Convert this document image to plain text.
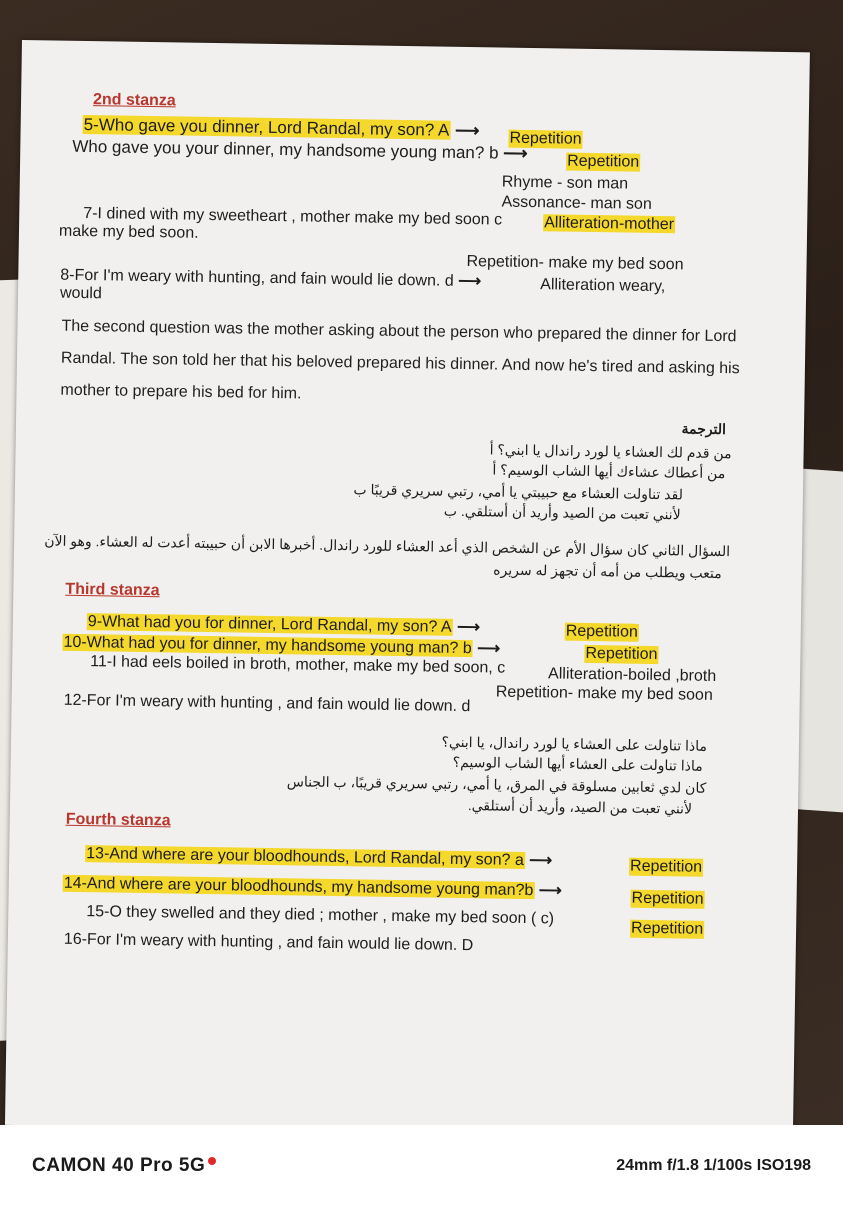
2nd stanza
5-Who gave you dinner, Lord Randal, my son? A ⟶ Repetition
Who gave you your dinner, my handsome young man? b ⟶ Repetition
Rhyme - son man
Assonance- man son
7-I dined with my sweetheart , mother make my bed soon c	Alliteration-mother
make my bed soon.
Repetition- make my bed soon
8-For I'm weary with hunting, and fain would lie down. d ⟶	Alliteration weary,
would
The second question was the mother asking about the person who prepared the dinner for Lord Randal. The son told her that his beloved prepared his dinner. And now he's tired and asking his mother to prepare his bed for him.
الترجمة
من قدم لك العشاء يا لورد راندال يا ابني؟ أ
من أعطاك عشاءك أيها الشاب الوسيم؟ أ
لقد تناولت العشاء مع حبيبتي يا أمي، رتبي سريري قريبًا ب
لأنني تعبت من الصيد وأريد أن أستلقي. ب
السؤال الثاني كان سؤال الأم عن الشخص الذي أعد العشاء للورد راندال. أخبرها الابن أن حبيبته أعدت له العشاء. وهو الآن
متعب ويطلب من أمه أن تجهز له سريره
Third stanza
9-What had you for dinner, Lord Randal, my son? A ⟶	Repetition
10-What had you for dinner, my handsome young man? b ⟶	Repetition
11-I had eels boiled in broth, mother, make my bed soon, c	Alliteration-boiled ,broth
Repetition- make my bed soon
12-For I'm weary with hunting , and fain would lie down. d
ماذا تناولت على العشاء يا لورد راندال، يا ابني؟
ماذا تناولت على العشاء أيها الشاب الوسيم؟
كان لدي ثعابين مسلوقة في المرق، يا أمي، رتبي سريري قريبًا، ب الجناس
لأنني تعبت من الصيد، وأريد أن أستلقي.
Fourth stanza
13-And where are your bloodhounds, Lord Randal, my son? a ⟶	Repetition
14-And where are your bloodhounds, my handsome young man?b ⟶	Repetition
15-O they swelled and they died ; mother , make my bed soon ( c)
Repetition
16-For I'm weary with hunting , and fain would lie down. D
CAMON 40 Pro 5G	24mm f/1.8 1/100s ISO198
